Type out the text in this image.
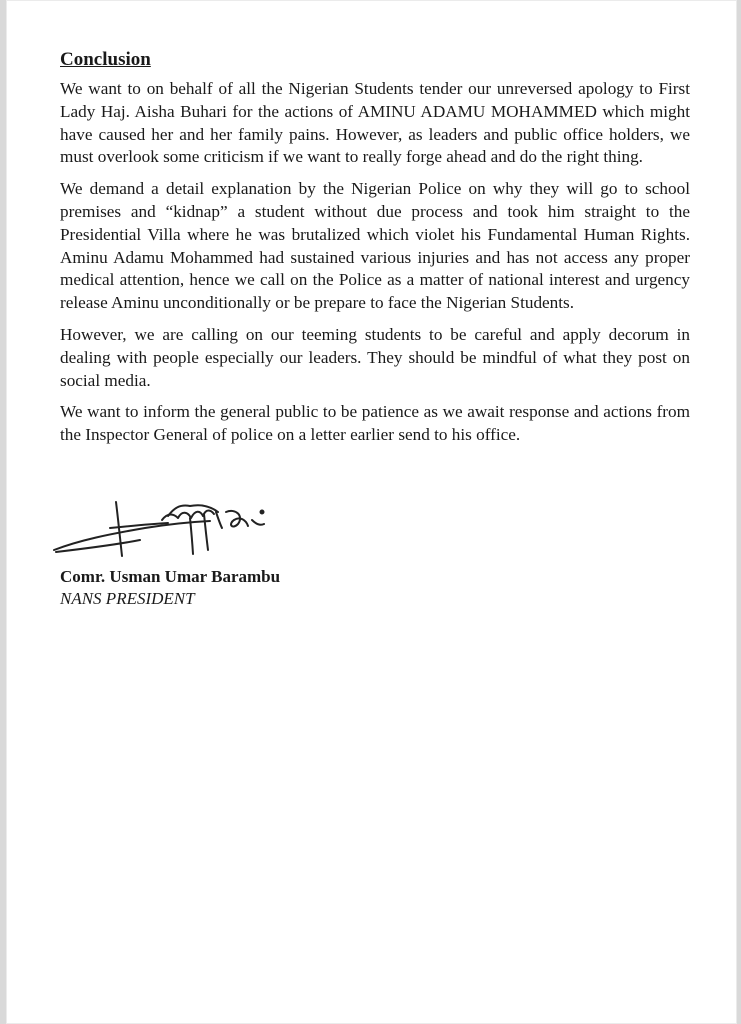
Conclusion

We want to on behalf of all the Nigerian Students tender our unreversed apology to First Lady Haj. Aisha Buhari for the actions of AMINU ADAMU MOHAMMED which might have caused her and her family pains. However, as leaders and public office holders, we must overlook some criticism if we want to really forge ahead and do the right thing.

We demand a detail explanation by the Nigerian Police on why they will go to school premises and “kidnap” a student without due process and took him straight to the Presidential Villa where he was brutalized which violet his Fundamental Human Rights. Aminu Adamu Mohammed had sustained various injuries and has not access any proper medical attention, hence we call on the Police as a matter of national interest and urgency release Aminu unconditionally or be prepare to face the Nigerian Students.

However, we are calling on our teeming students to be careful and apply decorum in dealing with people especially our leaders. They should be mindful of what they post on social media.

We want to inform the general public to be patience as we await response and actions from the Inspector General of police on a letter earlier send to his office.

Comr. Usman Umar Barambu
NANS PRESIDENT
